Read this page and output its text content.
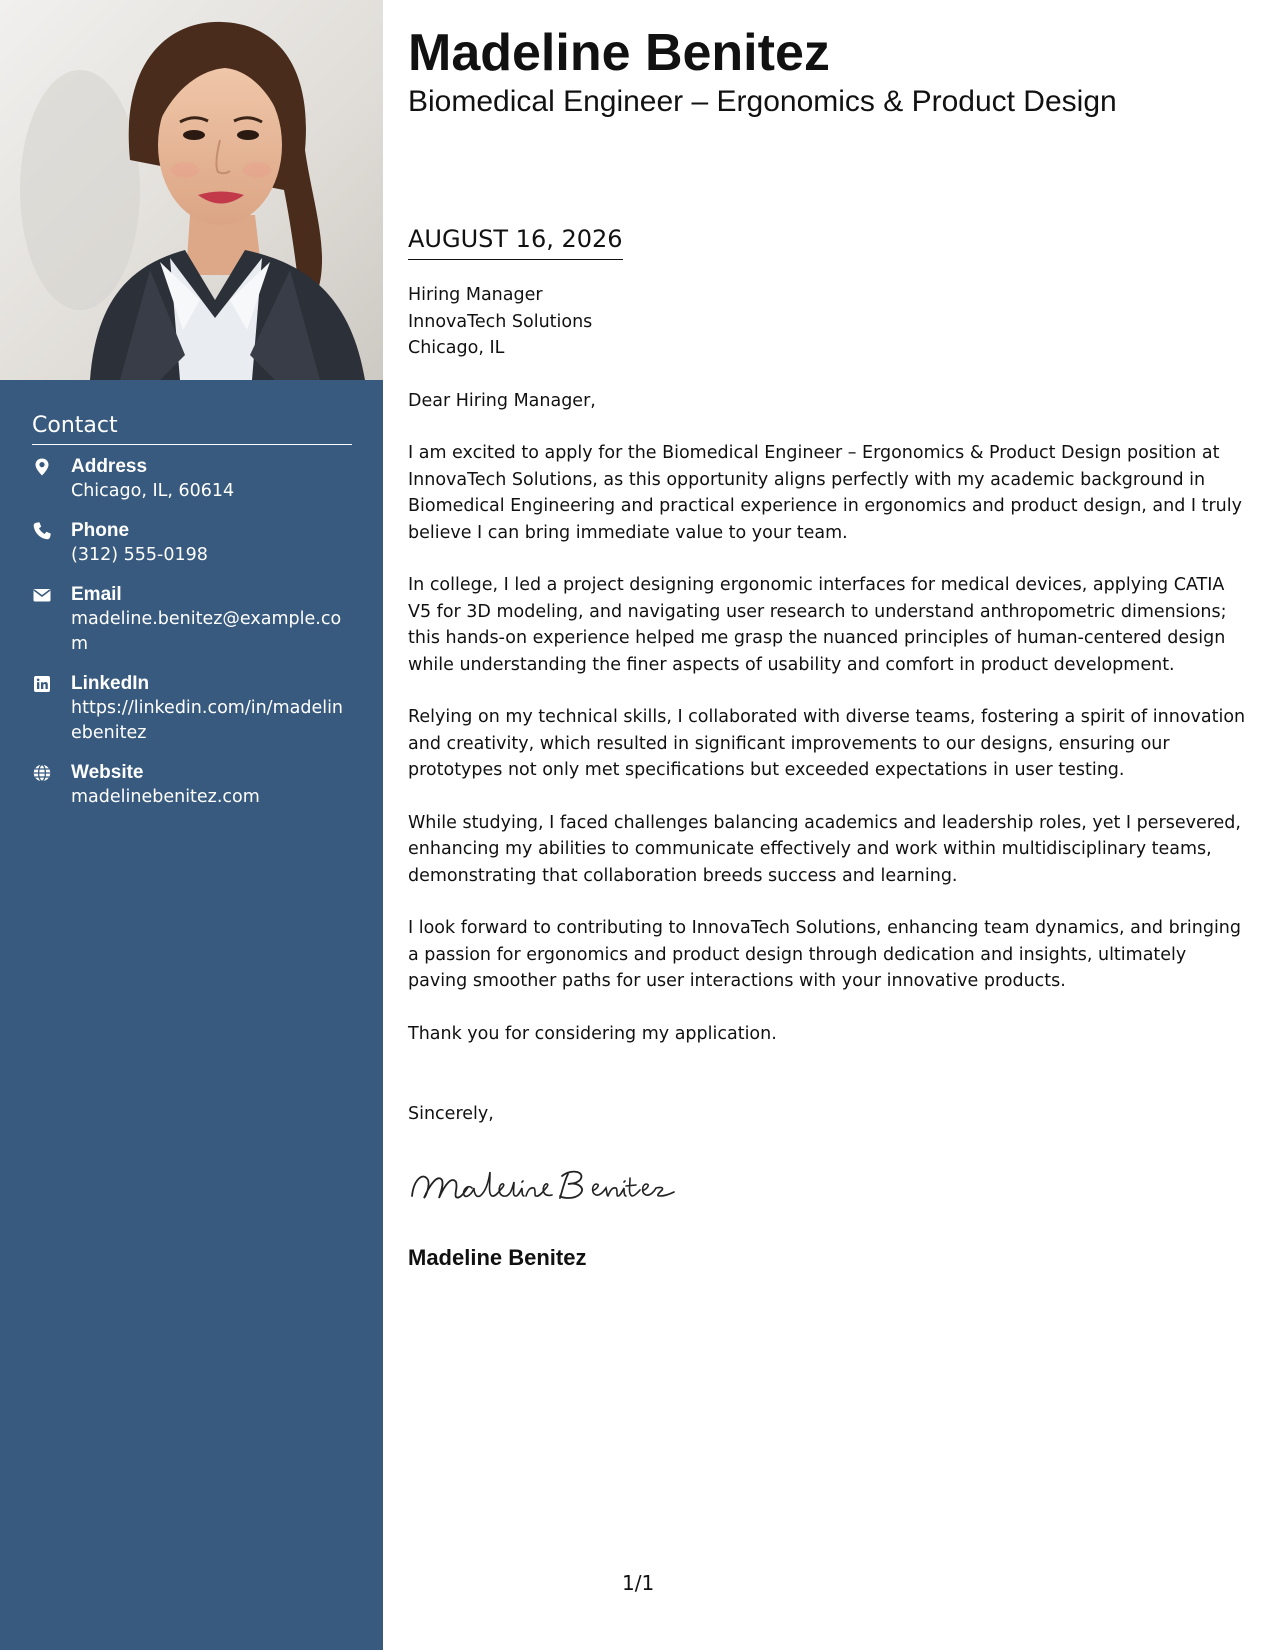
Contact
Address
Chicago, IL, 60614
Phone
(312) 555-0198
Email
madeline.benitez@example.com
LinkedIn
https://linkedin.com/in/madelinebenitez
Website
madelinebenitez.com
Madeline Benitez
Biomedical Engineer – Ergonomics & Product Design
AUGUST 16, 2026

Hiring Manager
InnovaTech Solutions
Chicago, IL

Dear Hiring Manager,

I am excited to apply for the Biomedical Engineer – Ergonomics & Product Design position at InnovaTech Solutions, as this opportunity aligns perfectly with my academic background in Biomedical Engineering and practical experience in ergonomics and product design, and I truly believe I can bring immediate value to your team.

In college, I led a project designing ergonomic interfaces for medical devices, applying CATIA V5 for 3D modeling, and navigating user research to understand anthropometric dimensions; this hands-on experience helped me grasp the nuanced principles of human-centered design while understanding the finer aspects of usability and comfort in product development.

Relying on my technical skills, I collaborated with diverse teams, fostering a spirit of innovation and creativity, which resulted in significant improvements to our designs, ensuring our prototypes not only met specifications but exceeded expectations in user testing.

While studying, I faced challenges balancing academics and leadership roles, yet I persevered, enhancing my abilities to communicate effectively and work within multidisciplinary teams, demonstrating that collaboration breeds success and learning.

I look forward to contributing to InnovaTech Solutions, enhancing team dynamics, and bringing a passion for ergonomics and product design through dedication and insights, ultimately paving smoother paths for user interactions with your innovative products.

Thank you for considering my application.

Sincerely,
Madeline Benitez
1/1
